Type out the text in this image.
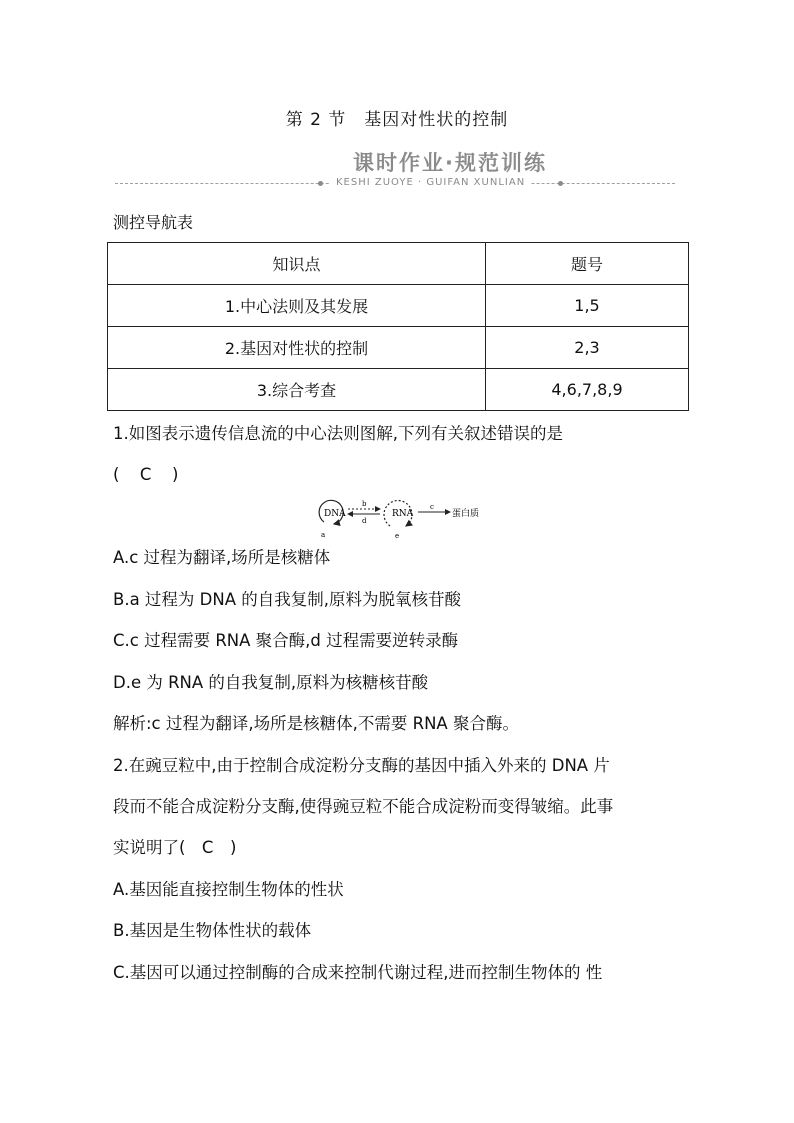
第 2 节　基因对性状的控制
课时作业·规范训练
KESHI ZUOYE · GUIFAN XUNLIAN
测控导航表
知识点	题号
1.中心法则及其发展	1,5
2.基因对性状的控制	2,3
3.综合考查	4,6,7,8,9
1.如图表示遗传信息流的中心法则图解,下列有关叙述错误的是
(　C　)
DNA
a
b
d
RNA
e
c
蛋白质
A.c 过程为翻译,场所是核糖体
B.a 过程为 DNA 的自我复制,原料为脱氧核苷酸
C.c 过程需要 RNA 聚合酶,d 过程需要逆转录酶
D.e 为 RNA 的自我复制,原料为核糖核苷酸
解析:c 过程为翻译,场所是核糖体,不需要 RNA 聚合酶。
2.在豌豆粒中,由于控制合成淀粉分支酶的基因中插入外来的 DNA 片
段而不能合成淀粉分支酶,使得豌豆粒不能合成淀粉而变得皱缩。此事
实说明了(　C　)
A.基因能直接控制生物体的性状
B.基因是生物体性状的载体
C.基因可以通过控制酶的合成来控制代谢过程,进而控制生物体的 性
